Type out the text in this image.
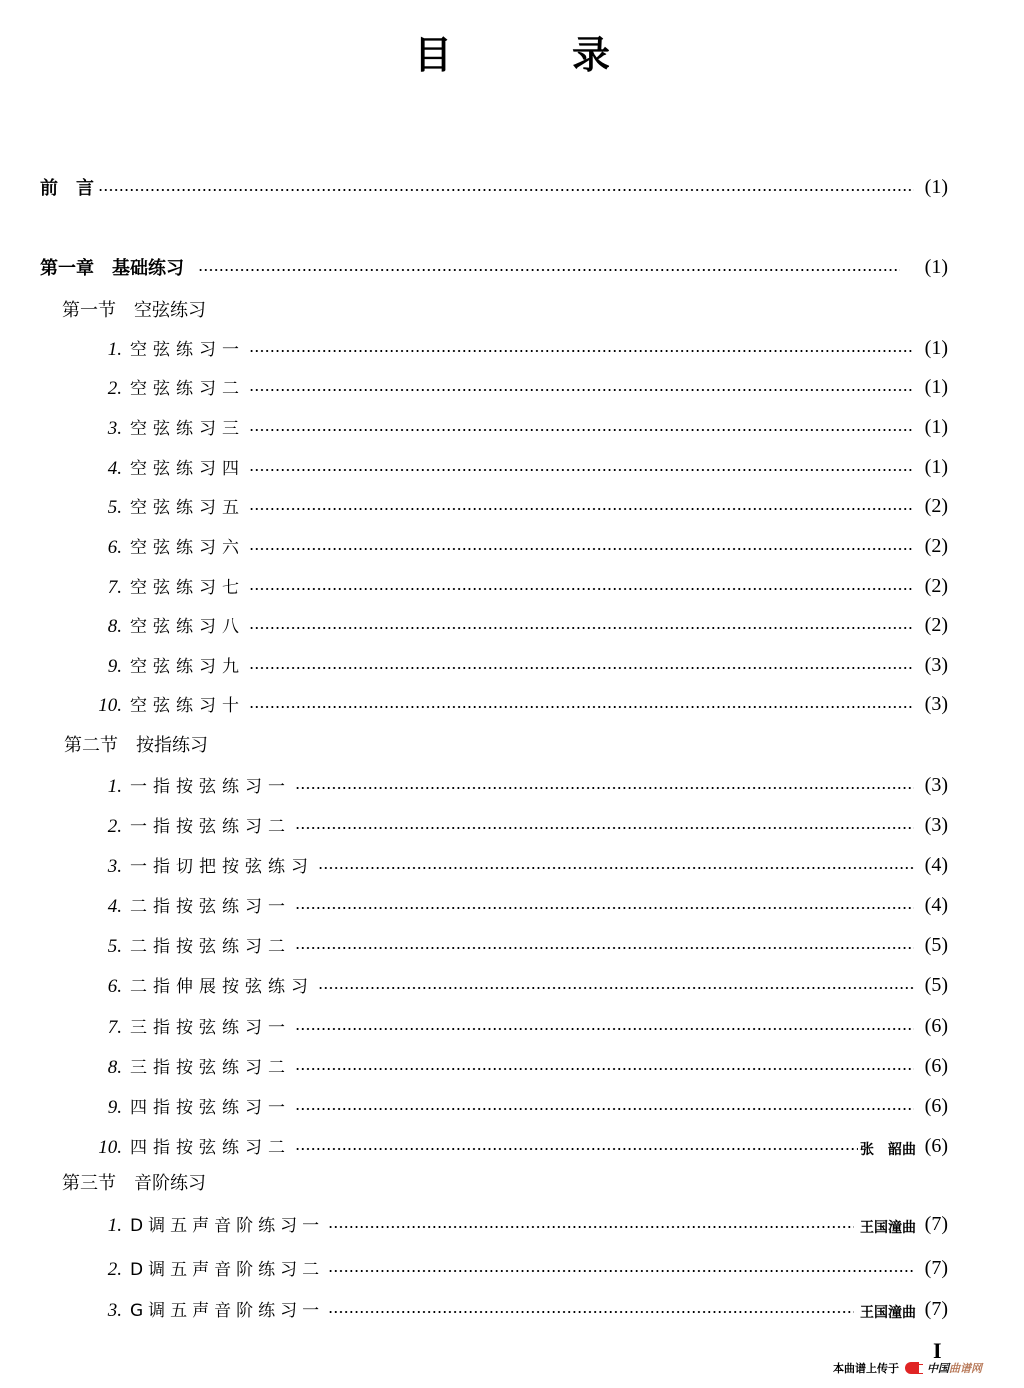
目	录
前　言	(1)
第一章　基础练习	(1)
第一节　空弦练习
1. 空弦练习一	(1)
2. 空弦练习二	(1)
3. 空弦练习三	(1)
4. 空弦练习四	(1)
5. 空弦练习五	(2)
6. 空弦练习六	(2)
7. 空弦练习七	(2)
8. 空弦练习八	(2)
9. 空弦练习九	(3)
10. 空弦练习十	(3)
第二节　按指练习
1. 一指按弦练习一	(3)
2. 一指按弦练习二	(3)
3. 一指切把按弦练习	(4)
4. 二指按弦练习一	(4)
5. 二指按弦练习二	(5)
6. 二指伸展按弦练习	(5)
7. 三指按弦练习一	(6)
8. 三指按弦练习二	(6)
9. 四指按弦练习一	(6)
10. 四指按弦练习二	张　韶曲 (6)
第三节　音阶练习
1. D调五声音阶练习一	王国潼曲 (7)
2. D调五声音阶练习二	(7)
3. G调五声音阶练习一	王国潼曲 (7)
I
本曲谱上传于	中国 曲谱网
